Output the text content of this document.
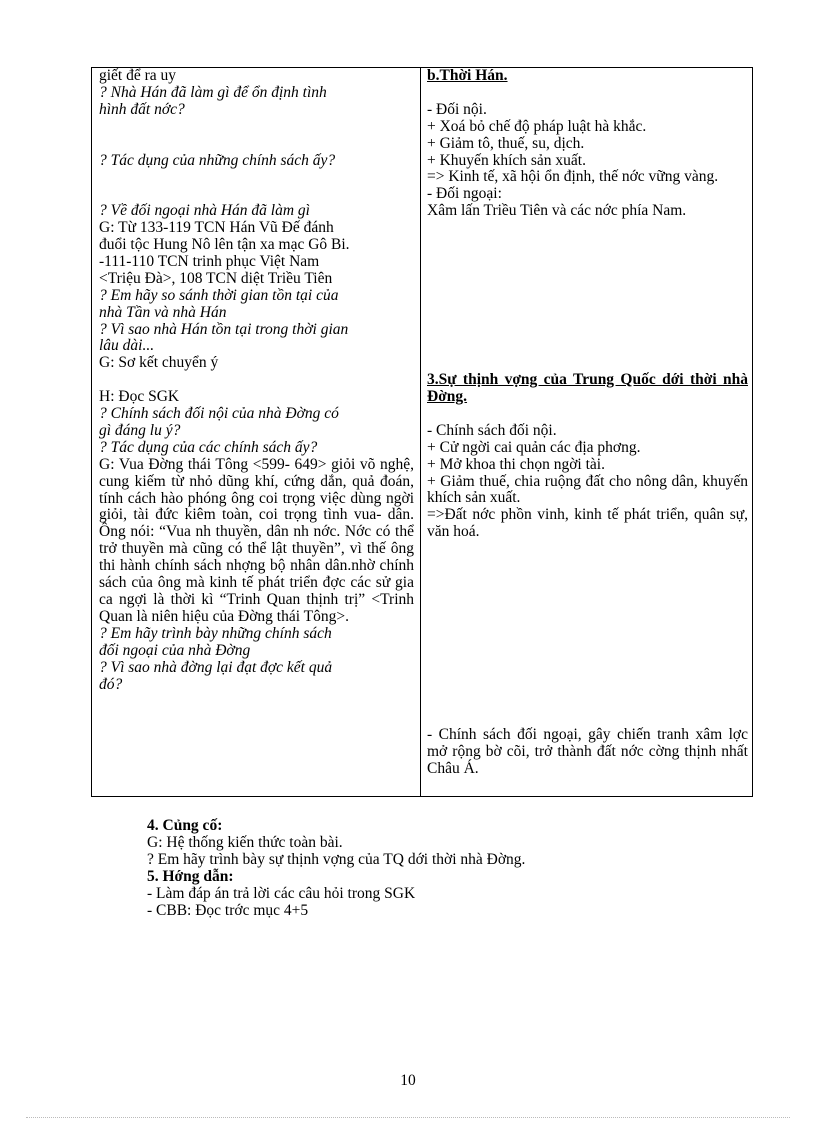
giết để ra uy
? Nhà Hán đã làm gì để ổn định tình
hình đất nớc?
? Tác dụng của những chính sách ấy?
? Về đối ngoại nhà Hán đã làm gì
G: Từ 133-119 TCN Hán Vũ Đế đánh
đuổi tộc Hung Nô lên tận xa mạc Gô Bi.
-111-110 TCN trinh phục Việt Nam
<Triệu Đà>, 108 TCN diệt Triều Tiên
? Em hãy so sánh thời gian tồn tại của
nhà Tần và nhà Hán
? Vì sao nhà Hán tồn tại trong thời gian
lâu dài...
G: Sơ kết chuyển ý
H: Đọc SGK
? Chính sách đối nội của nhà Đờng có
gì đáng lu ý?
? Tác dụng của các chính sách ấy?
G: Vua Đờng thái Tông <599- 649> giỏi võ nghệ, cung kiếm từ nhỏ dũng khí, cứng dắn, quả đoán, tính cách hào phóng ông coi trọng việc dùng ngời giỏi, tài đức kiêm toàn, coi trọng tình vua- dân. Ông nói: “Vua nh thuyền, dân nh nớc. Nớc có thể trở thuyền mà cũng có thể lật thuyền”, vì thế ông thi hành chính sách nhợng bộ nhân dân.nhờ chính sách của ông mà kinh tế phát triển đợc các sử gia ca ngợi là thời kì “Trinh Quan thịnh trị” <Trinh Quan là niên hiệu của Đờng thái Tông>.
? Em hãy trình bày những chính sách
đối ngoại của nhà Đờng
? Vì sao nhà đờng lại đạt đợc kết quả
đó?
b.Thời Hán.
- Đối nội.
+ Xoá bỏ chế độ pháp luật hà khắc.
+ Giảm tô, thuế, su, dịch.
+ Khuyến khích sản xuất.
=> Kinh tế, xã hội ổn định, thế nớc vững vàng.
- Đối ngoại:
Xâm lấn Triều Tiên và các nớc phía Nam.
3.Sự thịnh vợng của Trung Quốc dới thời nhà Đờng.
- Chính sách đối nội.
+ Cử ngời cai quản các địa phơng.
+ Mở khoa thi chọn ngời tài.
+ Giảm thuế, chia ruộng đất cho nông dân, khuyến khích sản xuất.
=>Đất nớc phồn vinh, kinh tế phát triển, quân sự, văn hoá.
- Chính sách đối ngoại, gây chiến tranh xâm lợc mở rộng bờ cõi, trở thành đất nớc cờng thịnh nhất Châu Á.
4. Củng cố:
G: Hệ thống kiến thức toàn bài.
? Em hãy trình bày sự thịnh vợng của TQ dới thời nhà Đờng.
5. Hớng dẫn:
- Làm đáp án trả lời các câu hỏi trong SGK
- CBB: Đọc trớc mục 4+5
10
